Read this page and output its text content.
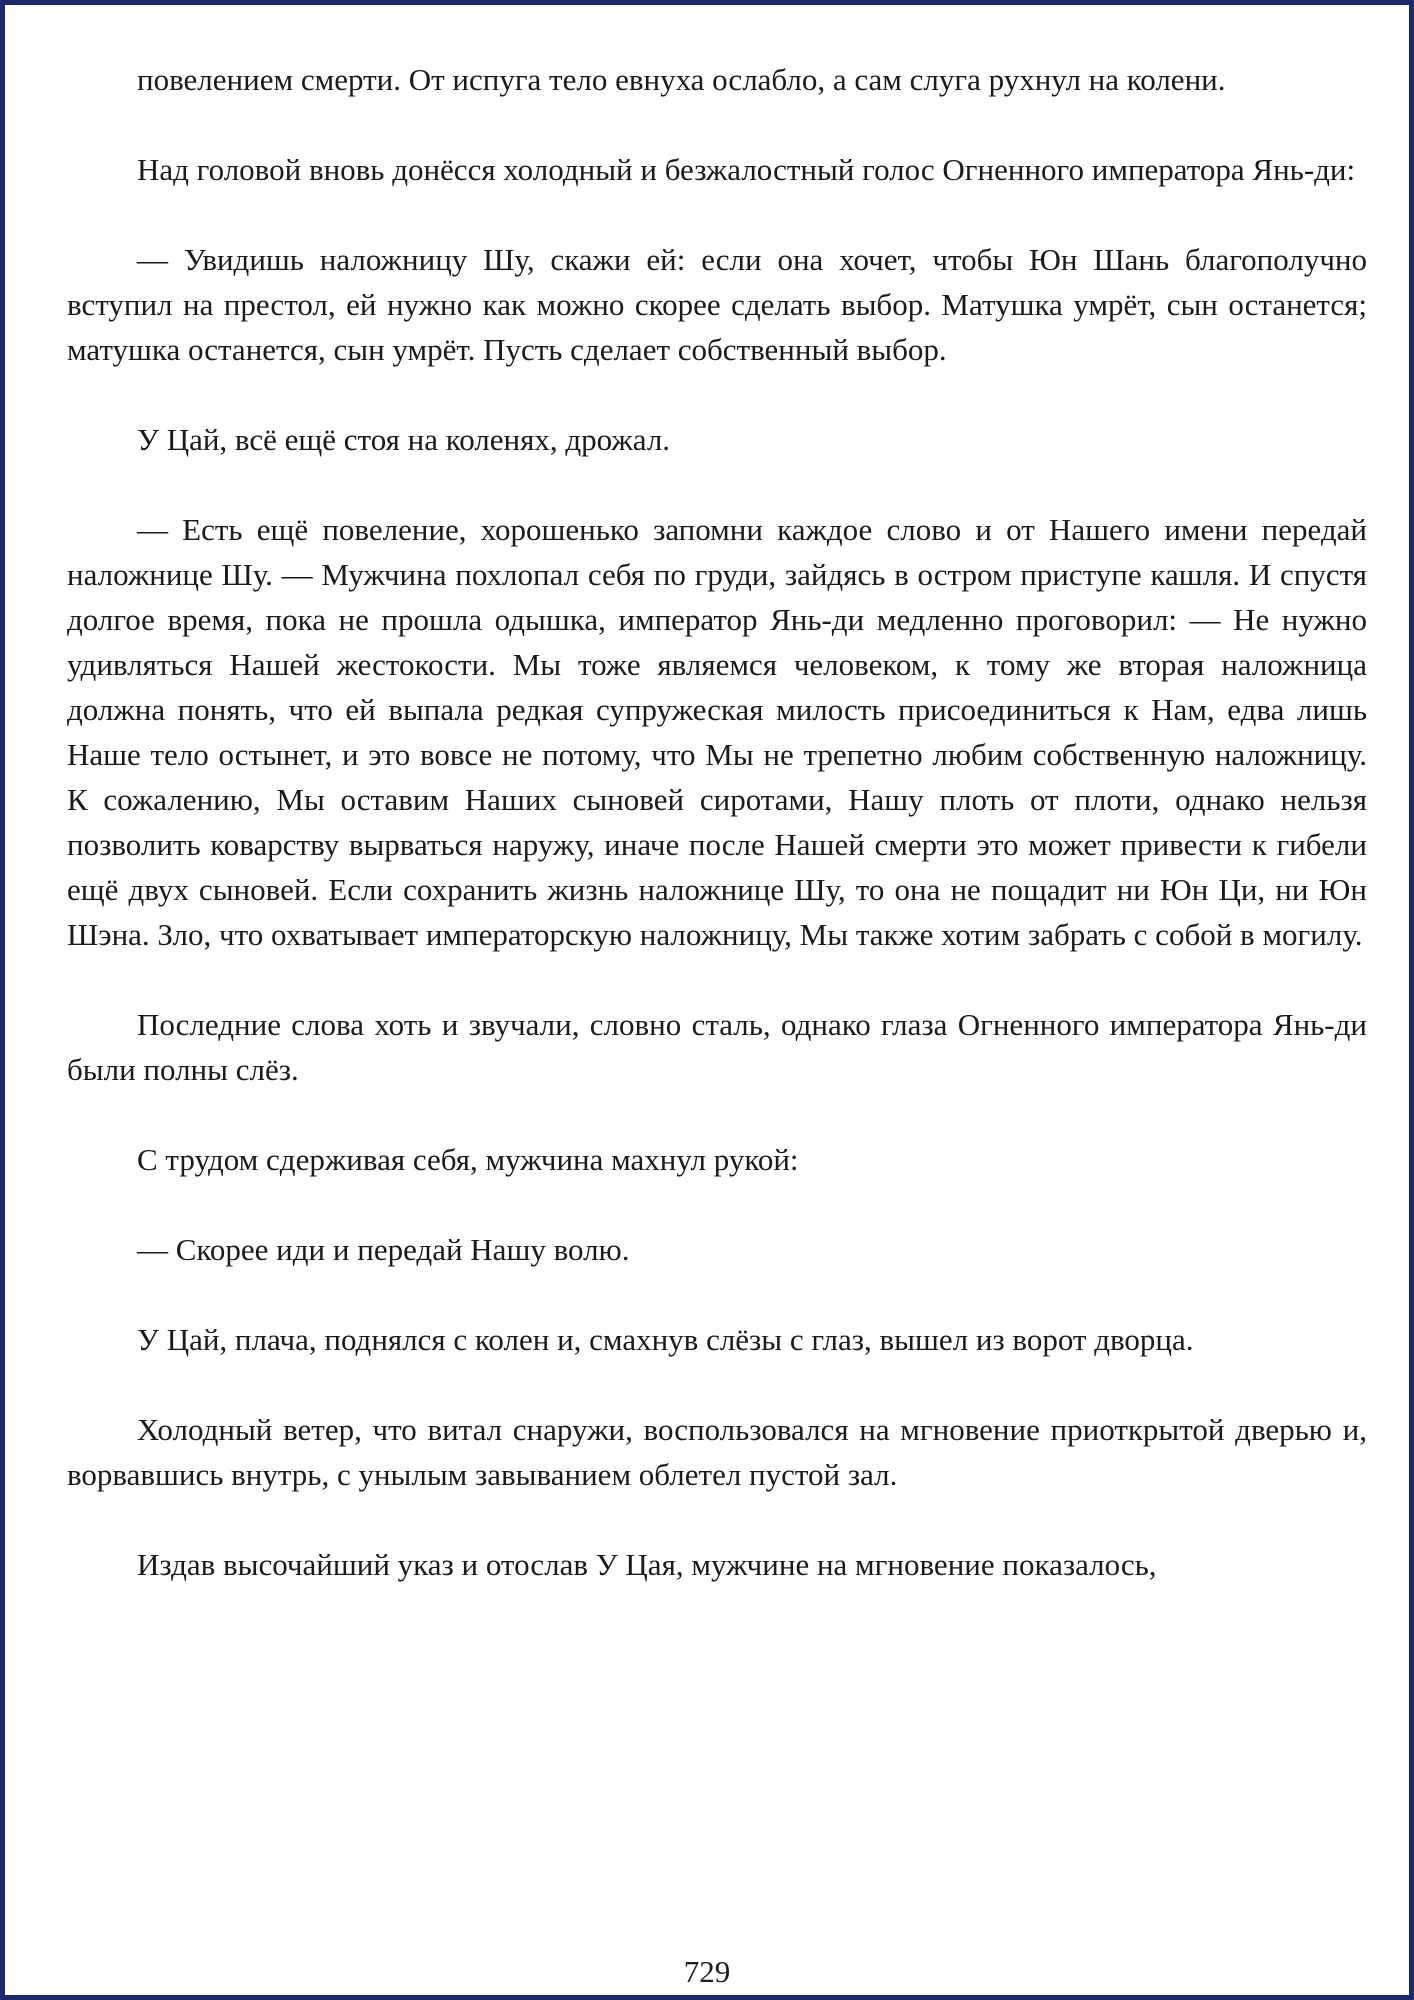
повелением смерти. От испуга тело евнуха ослабло, а сам слуга рухнул на колени.

Над головой вновь донёсся холодный и безжалостный голос Огненного императора Янь-ди:

— Увидишь наложницу Шу, скажи ей: если она хочет, чтобы Юн Шань благополучно вступил на престол, ей нужно как можно скорее сделать выбор. Матушка умрёт, сын останется; матушка останется, сын умрёт. Пусть сделает собственный выбор.

У Цай, всё ещё стоя на коленях, дрожал.

— Есть ещё повеление, хорошенько запомни каждое слово и от Нашего имени передай наложнице Шу. — Мужчина похлопал себя по груди, зайдясь в остром приступе кашля. И спустя долгое время, пока не прошла одышка, император Янь-ди медленно проговорил: — Не нужно удивляться Нашей жестокости. Мы тоже являемся человеком, к тому же вторая наложница должна понять, что ей выпала редкая супружеская милость присоединиться к Нам, едва лишь Наше тело остынет, и это вовсе не потому, что Мы не трепетно любим собственную наложницу. К сожалению, Мы оставим Наших сыновей сиротами, Нашу плоть от плоти, однако нельзя позволить коварству вырваться наружу, иначе после Нашей смерти это может привести к гибели ещё двух сыновей. Если сохранить жизнь наложнице Шу, то она не пощадит ни Юн Ци, ни Юн Шэна. Зло, что охватывает императорскую наложницу, Мы также хотим забрать с собой в могилу.

Последние слова хоть и звучали, словно сталь, однако глаза Огненного императора Янь-ди были полны слёз.

С трудом сдерживая себя, мужчина махнул рукой:

— Скорее иди и передай Нашу волю.

У Цай, плача, поднялся с колен и, смахнув слёзы с глаз, вышел из ворот дворца.

Холодный ветер, что витал снаружи, воспользовался на мгновение приоткрытой дверью и, ворвавшись внутрь, с унылым завыванием облетел пустой зал.

Издав высочайший указ и отослав У Цая, мужчине на мгновение показалось,

729
